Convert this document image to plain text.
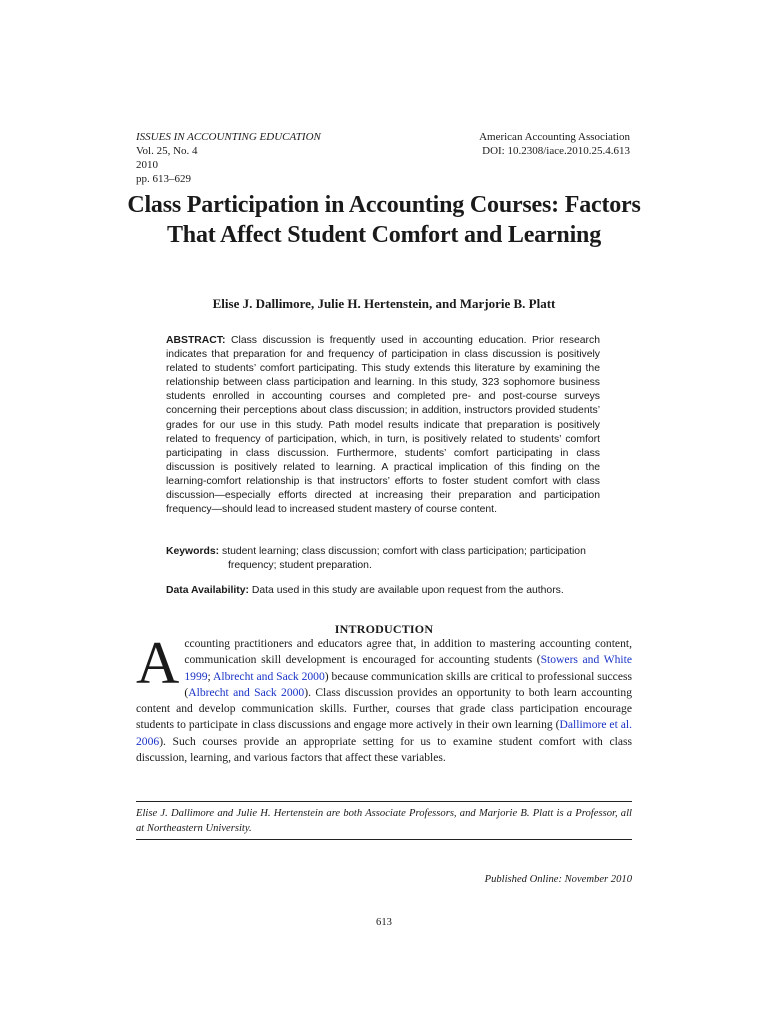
ISSUES IN ACCOUNTING EDUCATION
Vol. 25, No. 4
2010
pp. 613–629
American Accounting Association
DOI: 10.2308/iace.2010.25.4.613
Class Participation in Accounting Courses: Factors That Affect Student Comfort and Learning
Elise J. Dallimore, Julie H. Hertenstein, and Marjorie B. Platt

ABSTRACT: Class discussion is frequently used in accounting education. Prior research indicates that preparation for and frequency of participation in class discussion is positively related to students’ comfort participating. This study extends this literature by examining the relationship between class participation and learning. In this study, 323 sophomore business students enrolled in accounting courses and completed pre- and post-course surveys concerning their perceptions about class discussion; in addition, instructors provided students’ grades for our use in this study. Path model results indicate that preparation is positively related to frequency of participation, which, in turn, is positively related to students’ comfort participating in class discussion. Furthermore, students’ comfort participating in class discussion is positively related to learning. A practical implication of this finding on the learning-comfort relationship is that instructors’ efforts to foster student comfort with class discussion—especially efforts directed at increasing their preparation and participation frequency—should lead to increased student mastery of course content.

Keywords: student learning; class discussion; comfort with class participation; participation frequency; student preparation.
Data Availability: Data used in this study are available upon request from the authors.
INTRODUCTION

Accounting practitioners and educators agree that, in addition to mastering accounting content, communication skill development is encouraged for accounting students (Stowers and White 1999; Albrecht and Sack 2000) because communication skills are critical to professional success (Albrecht and Sack 2000). Class discussion provides an opportunity to both learn accounting content and develop communication skills. Further, courses that grade class participation encourage students to participate in class discussions and engage more actively in their own learning (Dallimore et al. 2006). Such courses provide an appropriate setting for us to examine student comfort with class discussion, learning, and various factors that affect these variables.

Elise J. Dallimore and Julie H. Hertenstein are both Associate Professors, and Marjorie B. Platt is a Professor, all at Northeastern University.

Published Online: November 2010
613
